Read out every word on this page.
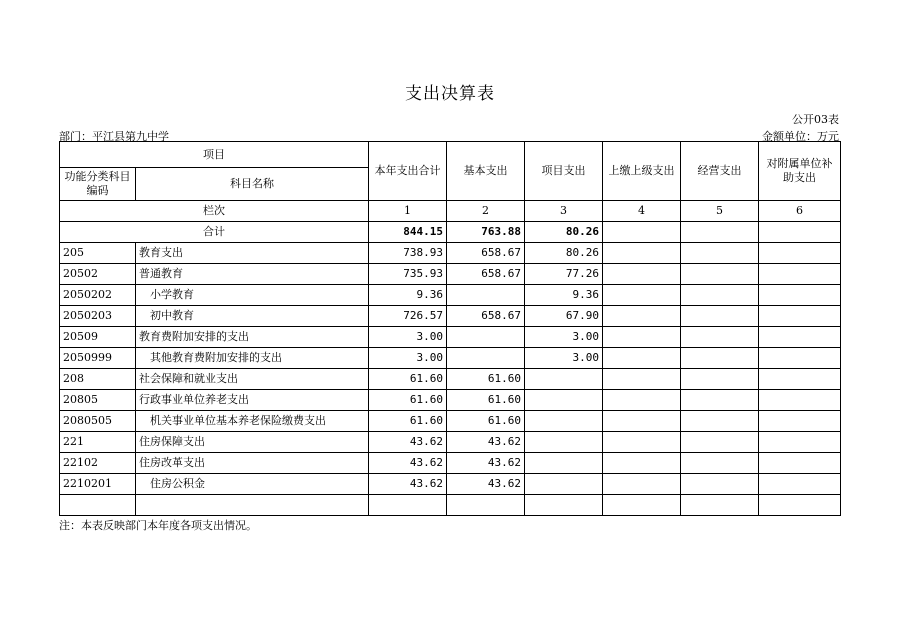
支出决算表
公开03表
部门：平江县第九中学	金额单位：万元
项目		本年支出合计	基本支出	项目支出	上缴上级支出	经营支出	对附属单位补助支出
功能分类科目编码	科目名称						
栏次		1	2	3	4	5	6
合计		844.15	763.88	80.26			
205	教育支出	738.93	658.67	80.26			
20502	普通教育	735.93	658.67	77.26			
2050202	小学教育	9.36		9.36			
2050203	初中教育	726.57	658.67	67.90			
20509	教育费附加安排的支出	3.00		3.00			
2050999	其他教育费附加安排的支出	3.00		3.00			
208	社会保障和就业支出	61.60	61.60				
20805	行政事业单位养老支出	61.60	61.60				
2080505	机关事业单位基本养老保险缴费支出	61.60	61.60				
221	住房保障支出	43.62	43.62				
22102	住房改革支出	43.62	43.62				
2210201	住房公积金	43.62	43.62				

注：本表反映部门本年度各项支出情况。
